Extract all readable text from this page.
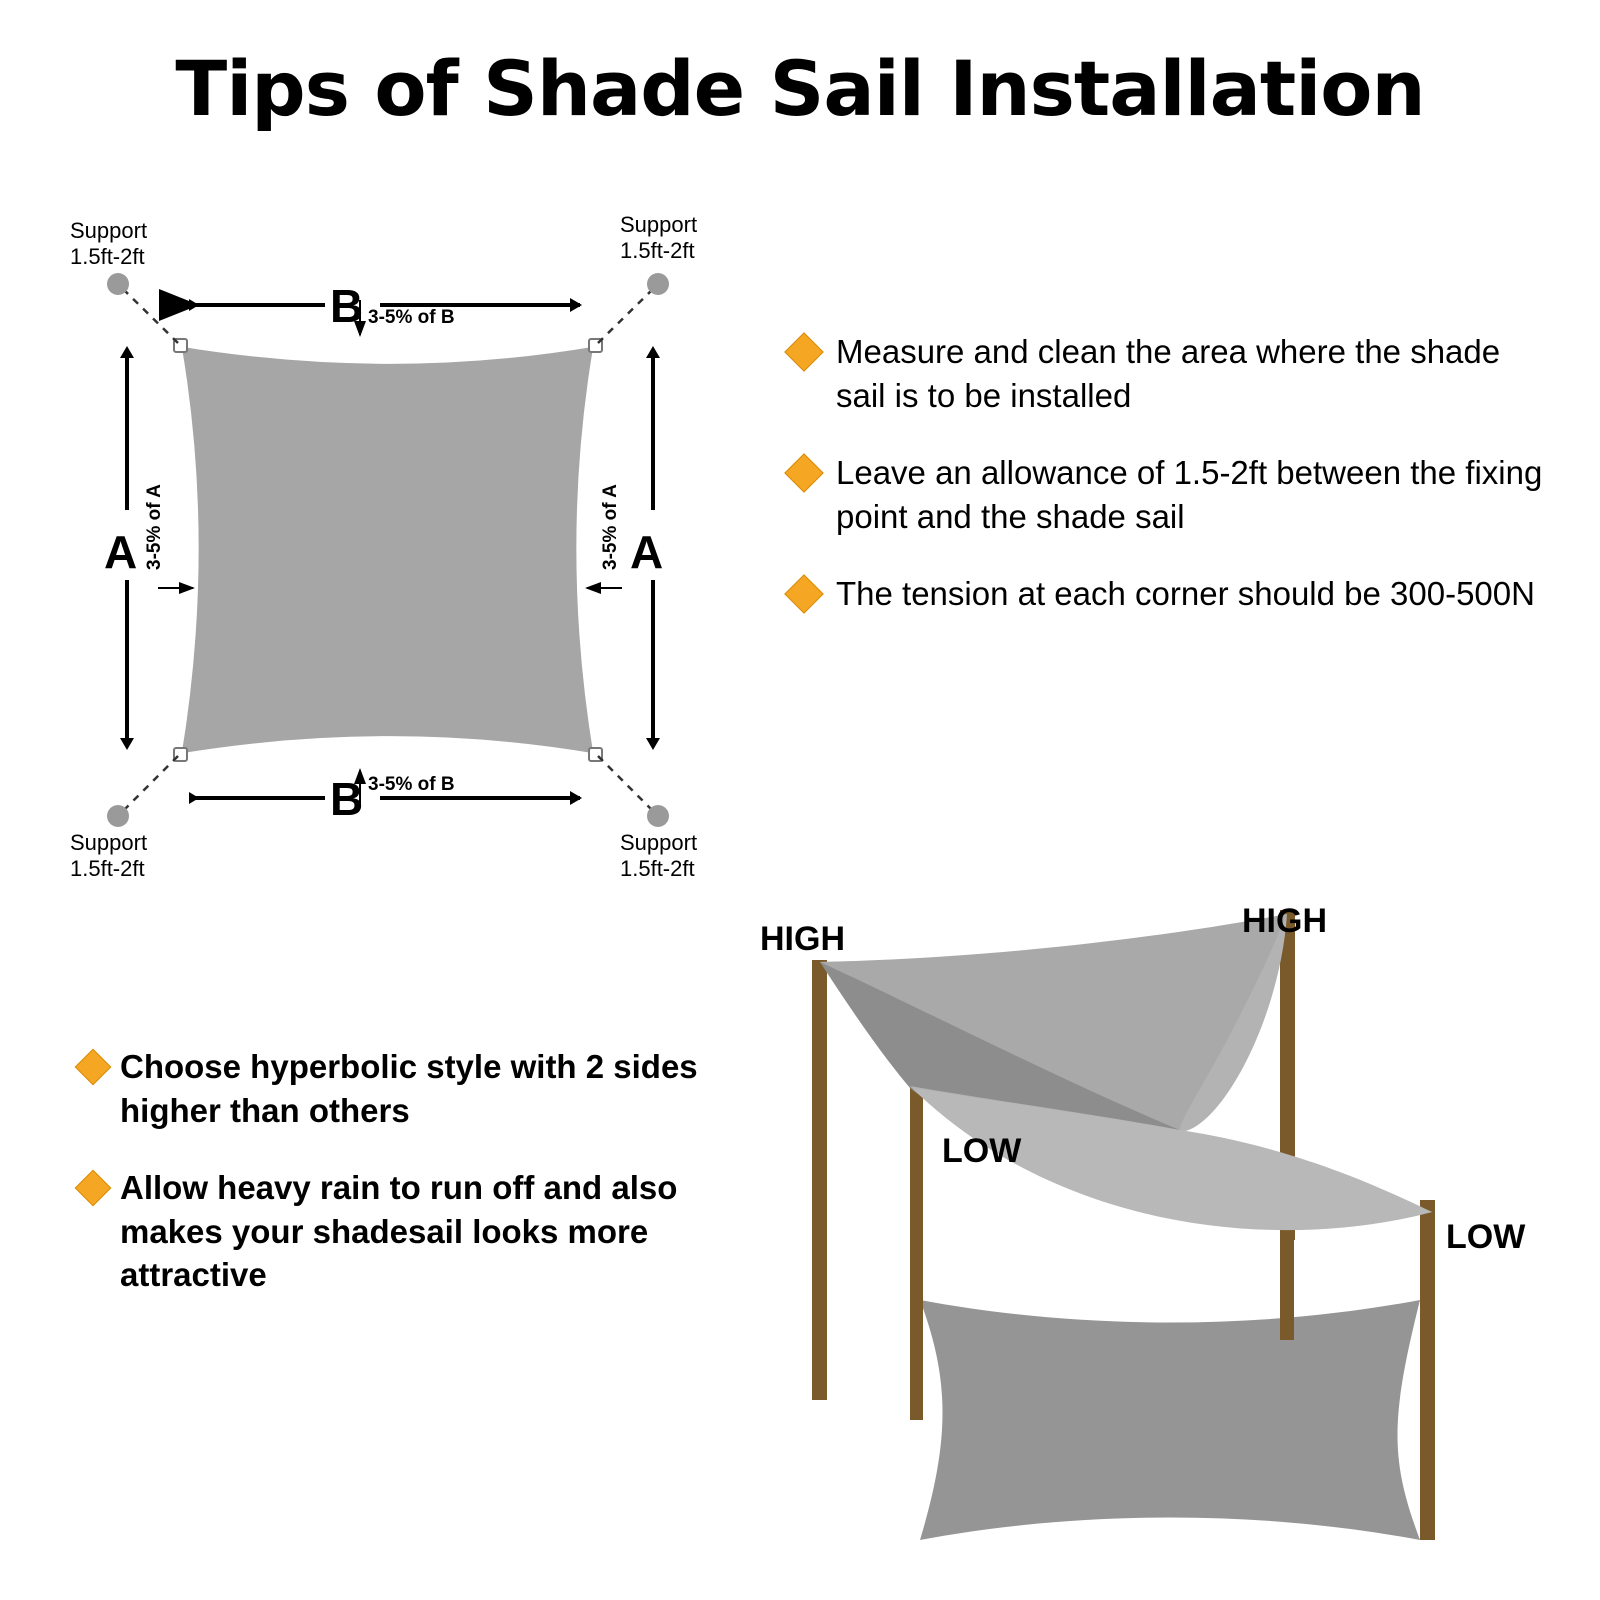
Tips of Shade Sail Installation
Support
1.5ft-2ft
Support
1.5ft-2ft
Support
1.5ft-2ft
Support
1.5ft-2ft
B
B
A	A
3-5% of B
3-5% of B
3-5% of A	3-5% of A
Measure and clean the area where the shade sail is to be installed
Leave an allowance of 1.5-2ft between the fixing point and the shade sail
The tension at each corner should be 300-500N
Choose hyperbolic style with 2 sides higher than others
Allow heavy rain to run off and also makes your shadesail looks more attractive
HIGH	HIGH
LOW
LOW
